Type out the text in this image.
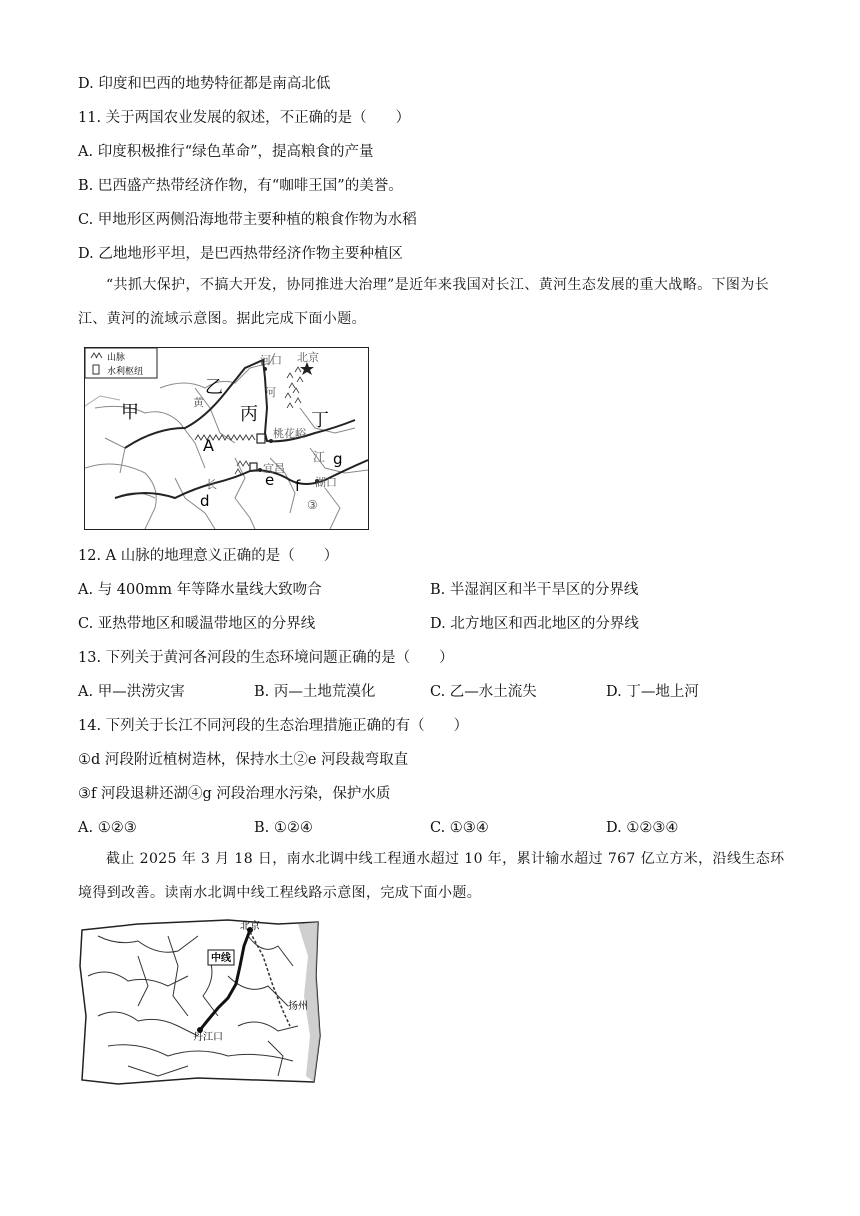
D. 印度和巴西的地势特征都是南高北低
11. 关于两国农业发展的叙述，不正确的是（　　）
A. 印度积极推行“绿色革命”，提高粮食的产量
B. 巴西盛产热带经济作物，有“咖啡王国”的美誉。
C. 甲地形区两侧沿海地带主要种植的粮食作物为水稻
D. 乙地地形平坦，是巴西热带经济作物主要种植区
“共抓大保护，不搞大开发，协同推进大治理”是近年来我国对长江、黄河生态发展的重大战略。下图为长江、黄河的流域示意图。据此完成下面小题。
山脉
水利枢纽
甲
乙
丙	丁
黄
河
河口 北京
桃花峪
A
宜昌
江
长
d
e f
g
湖口
③
12. A 山脉的地理意义正确的是（　　）
A. 与 400mm 年等降水量线大致吻合	B. 半湿润区和半干旱区的分界线
C. 亚热带地区和暖温带地区的分界线	D. 北方地区和西北地区的分界线
13. 下列关于黄河各河段的生态环境问题正确的是（　　）
A. 甲—洪涝灾害	B. 丙—土地荒漠化	C. 乙—水土流失	D. 丁—地上河
14. 下列关于长江不同河段的生态治理措施正确的有（　　）
①d 河段附近植树造林，保持水土②e 河段裁弯取直
③f 河段退耕还湖④g 河段治理水污染，保护水质
A. ①②③	B. ①②④	C. ①③④	D. ①②③④
截止 2025 年 3 月 18 日，南水北调中线工程通水超过 10 年，累计输水超过 767 亿立方米，沿线生态环境得到改善。读南水北调中线工程线路示意图，完成下面小题。
北京
中线
丹江口
扬州
